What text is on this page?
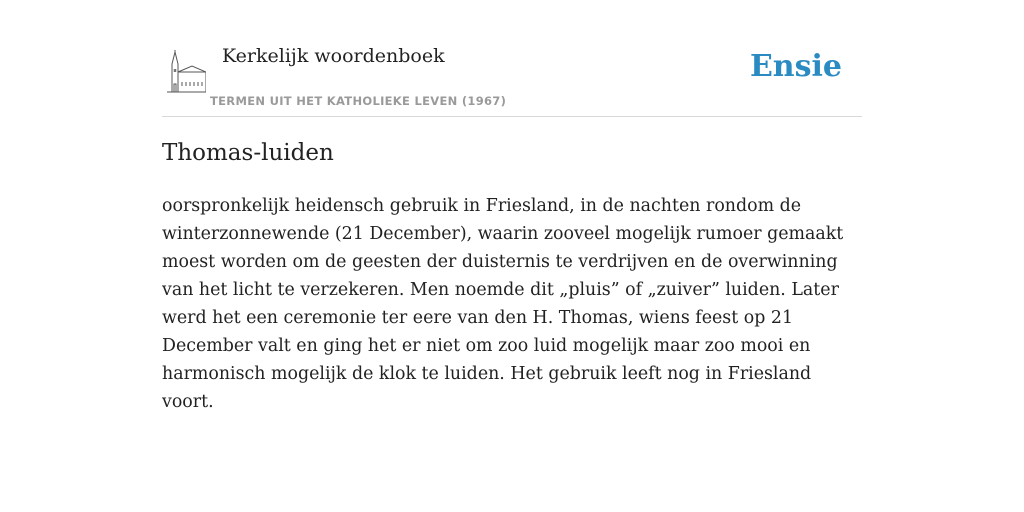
Kerkelijk woordenboek
TERMEN UIT HET KATHOLIEKE LEVEN (1967)
Ensie
Thomas-luiden

oorspronkelijk heidensch gebruik in Friesland, in de nachten rondom de winterzonnewende (21 December), waarin zooveel mogelijk rumoer gemaakt moest worden om de geesten der duisternis te verdrijven en de overwinning van het licht te verzekeren. Men noemde dit „pluis” of „zuiver” luiden. Later werd het een ceremonie ter eere van den H. Thomas, wiens feest op 21 December valt en ging het er niet om zoo luid mogelijk maar zoo mooi en harmonisch mogelijk de klok te luiden. Het gebruik leeft nog in Friesland voort.
